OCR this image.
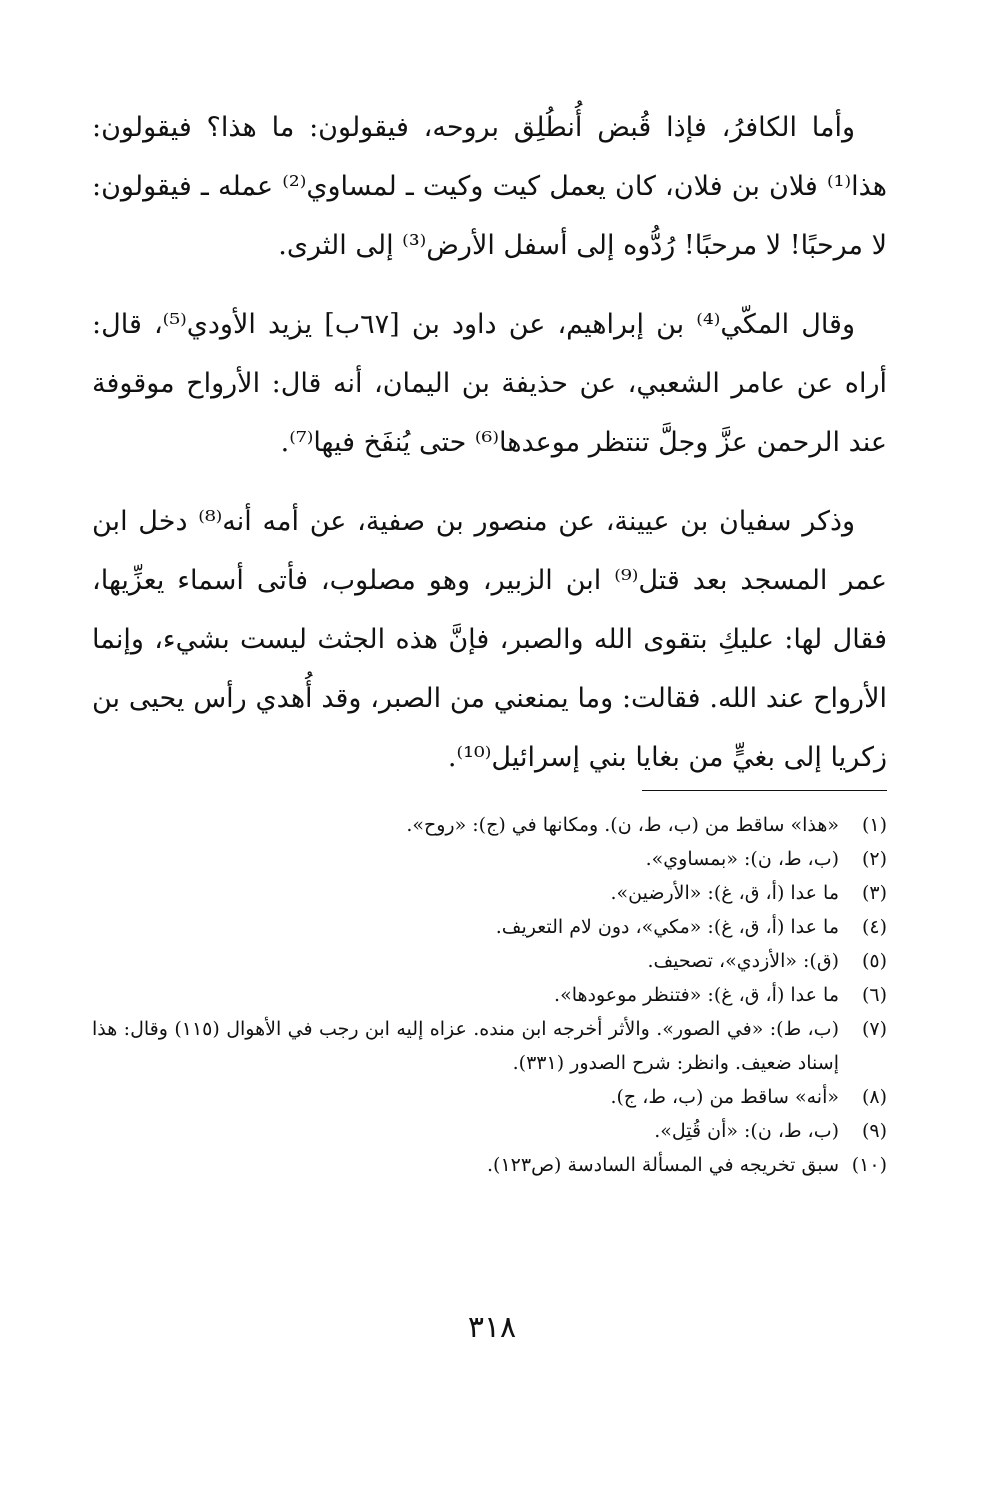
وأما الكافرُ، فإذا قُبض أُنطُلِق بروحه، فيقولون: ما هذا؟ فيقولون: هذا⁽¹⁾ فلان بن فلان، كان يعمل كيت وكيت ـ لمساوي⁽²⁾ عمله ـ فيقولون: لا مرحبًا! لا مرحبًا! رُدُّوه إلى أسفل الأرض⁽³⁾ إلى الثرى.

وقال المكّي⁽⁴⁾ بن إبراهيم، عن داود بن [٦٧ب] يزيد الأودي⁽⁵⁾، قال: أراه عن عامر الشعبي، عن حذيفة بن اليمان، أنه قال: الأرواح موقوفة عند الرحمن عزَّ وجلَّ تنتظر موعدها⁽⁶⁾ حتى يُنفَخ فيها⁽⁷⁾.

وذكر سفيان بن عيينة، عن منصور بن صفية، عن أمه أنه⁽⁸⁾ دخل ابن عمر المسجد بعد قتل⁽⁹⁾ ابن الزبير، وهو مصلوب، فأتى أسماء يعزِّيها، فقال لها: عليكِ بتقوى الله والصبر، فإنَّ هذه الجثث ليست بشيء، وإنما الأرواح عند الله. فقالت: وما يمنعني من الصبر، وقد أُهدي رأس يحيى بن زكريا إلى بغيٍّ من بغايا بني إسرائيل⁽¹⁰⁾.

(١)
«هذا» ساقط من (ب، ط، ن). ومكانها في (ج): «روح».
(٢)
(ب، ط، ن): «بمساوي».
(٣)
ما عدا (أ، ق، غ): «الأرضين».
(٤)
ما عدا (أ، ق، غ): «مكي»، دون لام التعريف.
(٥)
(ق): «الأزدي»، تصحيف.
(٦)
ما عدا (أ، ق، غ): «فتنظر موعودها».
(٧)
(ب، ط): «في الصور». والأثر أخرجه ابن منده. عزاه إليه ابن رجب في الأهوال (١١٥) وقال: هذا إسناد ضعيف. وانظر: شرح الصدور (٣٣١).
(٨)
«أنه» ساقط من (ب، ط، ج).
(٩)
(ب، ط، ن): «أن قُتِل».
(١٠)
سبق تخريجه في المسألة السادسة (ص١٢٣).
٣١٨
